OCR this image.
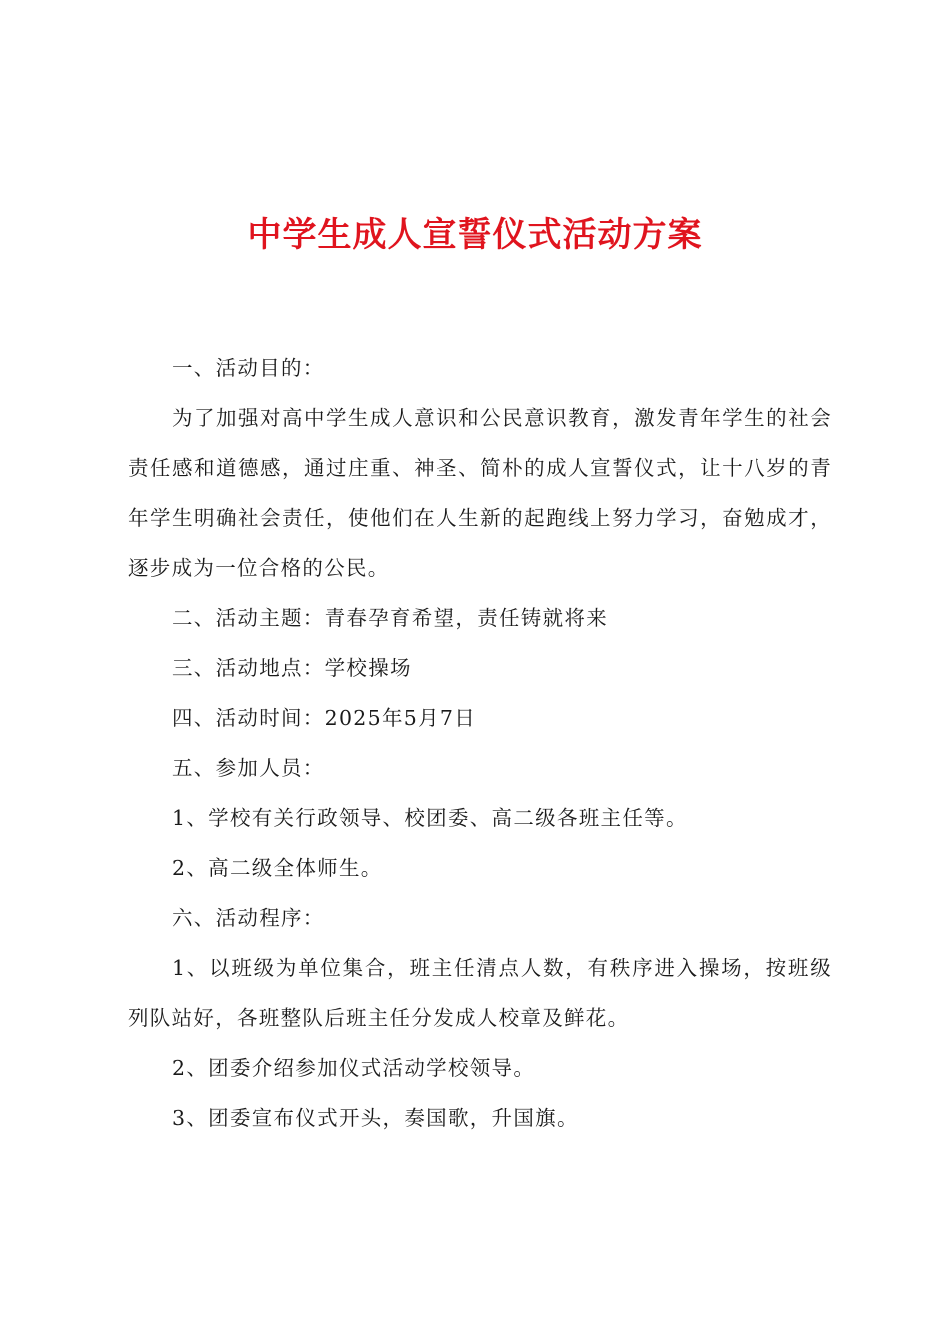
中学生成人宣誓仪式活动方案

一、活动目的：

为了加强对高中学生成人意识和公民意识教育，激发青年学生的社会责任感和道德感，通过庄重、神圣、简朴的成人宣誓仪式，让十八岁的青年学生明确社会责任，使他们在人生新的起跑线上努力学习，奋勉成才，逐步成为一位合格的公民。

二、活动主题：青春孕育希望，责任铸就将来

三、活动地点：学校操场

四、活动时间：2025年5月7日

五、参加人员：

1、学校有关行政领导、校团委、高二级各班主任等。

2、高二级全体师生。

六、活动程序：

1、以班级为单位集合，班主任清点人数，有秩序进入操场，按班级列队站好，各班整队后班主任分发成人校章及鲜花。

2、团委介绍参加仪式活动学校领导。

3、团委宣布仪式开头，奏国歌，升国旗。
